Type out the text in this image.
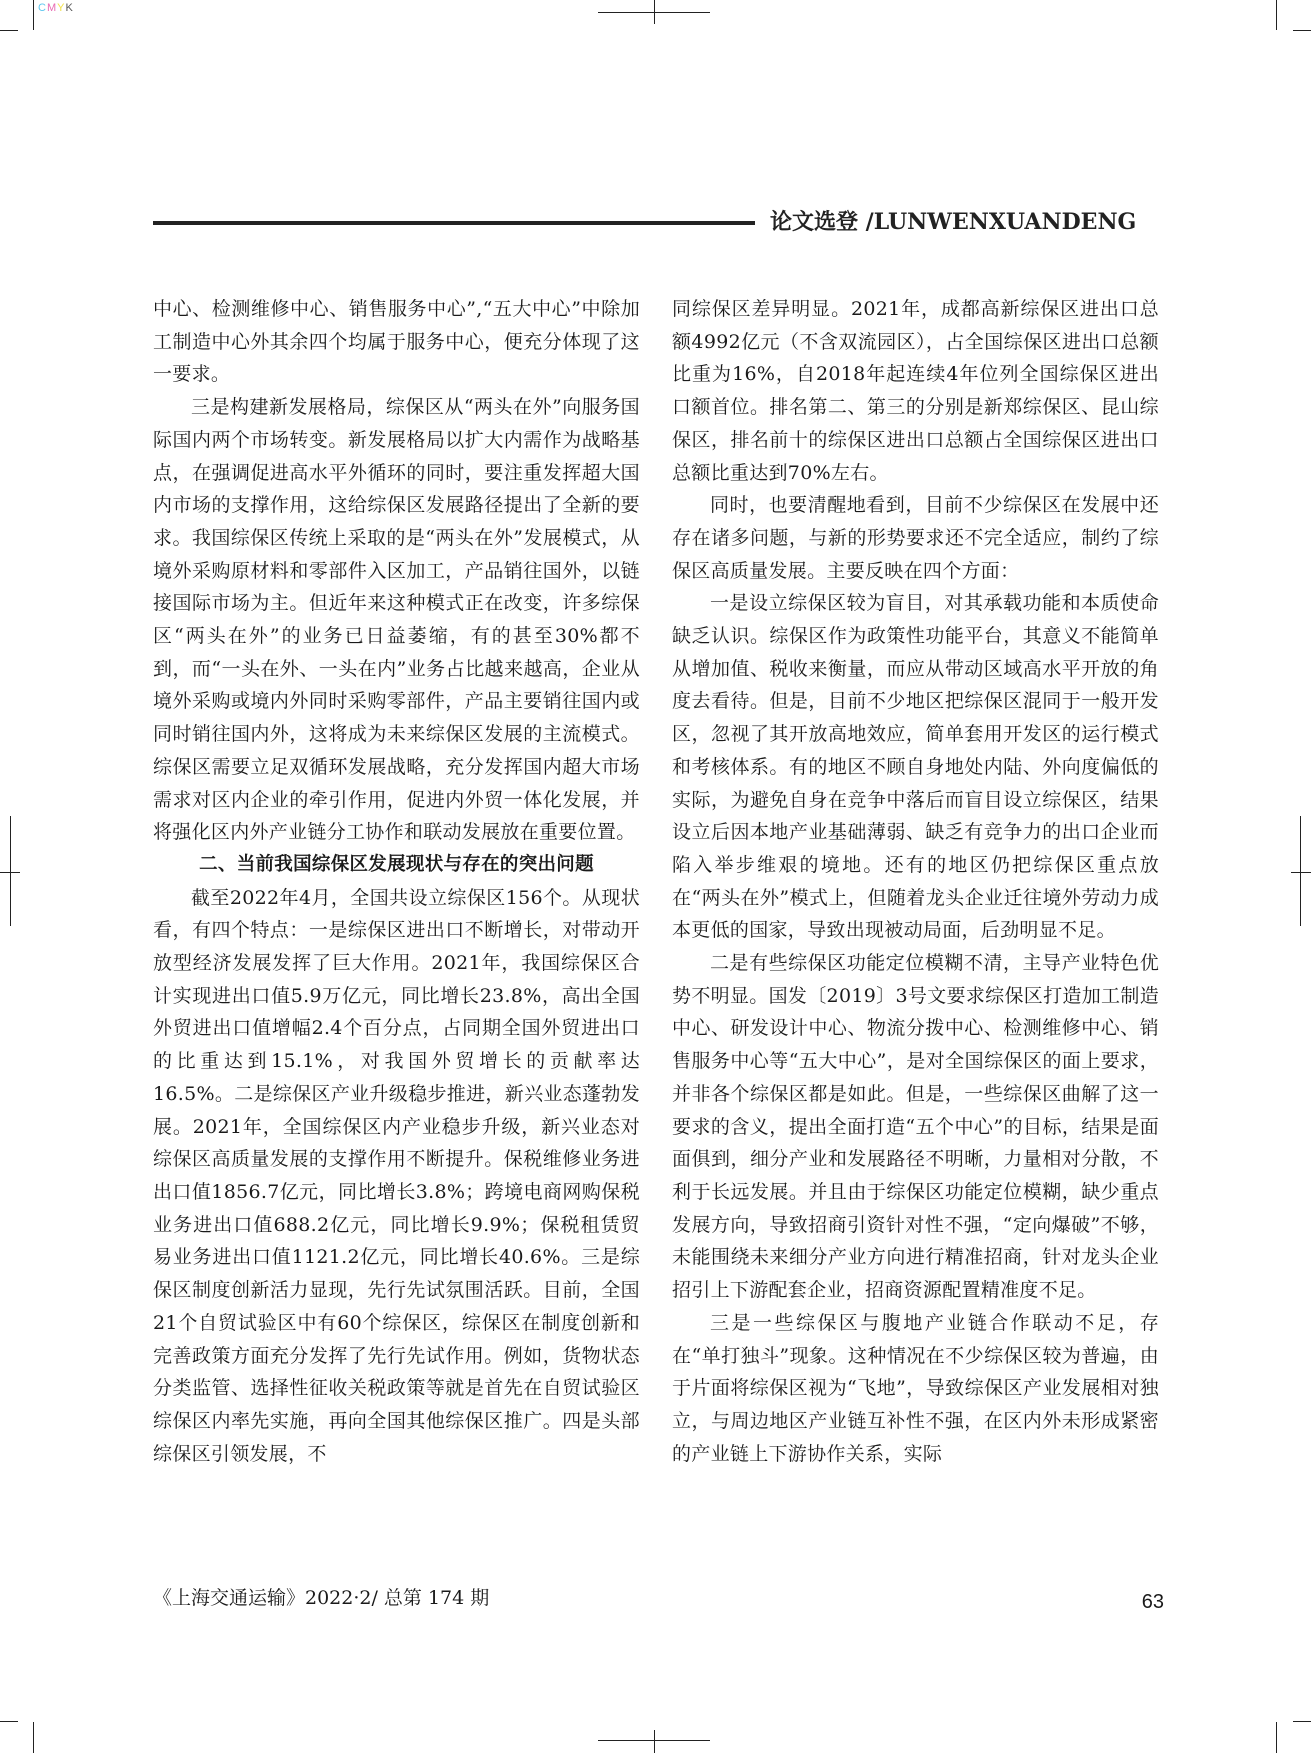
C M Y K
论文选登 /LUNWENXUANDENG

中心、检测维修中心、销售服务中心”,“五大中心”中除加工制造中心外其余四个均属于服务中心，便充分体现了这一要求。

三是构建新发展格局，综保区从“两头在外”向服务国际国内两个市场转变。新发展格局以扩大内需作为战略基点，在强调促进高水平外循环的同时，要注重发挥超大国内市场的支撑作用，这给综保区发展路径提出了全新的要求。我国综保区传统上采取的是“两头在外”发展模式，从境外采购原材料和零部件入区加工，产品销往国外，以链接国际市场为主。但近年来这种模式正在改变，许多综保区“两头在外”的业务已日益萎缩，有的甚至30%都不到，而“一头在外、一头在内”业务占比越来越高，企业从境外采购或境内外同时采购零部件，产品主要销往国内或同时销往国内外，这将成为未来综保区发展的主流模式。综保区需要立足双循环发展战略，充分发挥国内超大市场需求对区内企业的牵引作用，促进内外贸一体化发展，并将强化区内外产业链分工协作和联动发展放在重要位置。

二、当前我国综保区发展现状与存在的突出问题

截至2022年4月，全国共设立综保区156个。从现状看，有四个特点：一是综保区进出口不断增长，对带动开放型经济发展发挥了巨大作用。2021年，我国综保区合计实现进出口值5.9万亿元，同比增长23.8%，高出全国外贸进出口值增幅2.4个百分点，占同期全国外贸进出口的比重达到15.1%，对我国外贸增长的贡献率达16.5%。二是综保区产业升级稳步推进，新兴业态蓬勃发展。2021年，全国综保区内产业稳步升级，新兴业态对综保区高质量发展的支撑作用不断提升。保税维修业务进出口值1856.7亿元，同比增长3.8%；跨境电商网购保税业务进出口值688.2亿元，同比增长9.9%；保税租赁贸易业务进出口值1121.2亿元，同比增长40.6%。三是综保区制度创新活力显现，先行先试氛围活跃。目前，全国21个自贸试验区中有60个综保区，综保区在制度创新和完善政策方面充分发挥了先行先试作用。例如，货物状态分类监管、选择性征收关税政策等就是首先在自贸试验区综保区内率先实施，再向全国其他综保区推广。四是头部综保区引领发展，不

同综保区差异明显。2021年，成都高新综保区进出口总额4992亿元（不含双流园区），占全国综保区进出口总额比重为16%，自2018年起连续4年位列全国综保区进出口额首位。排名第二、第三的分别是新郑综保区、昆山综保区，排名前十的综保区进出口总额占全国综保区进出口总额比重达到70%左右。

同时，也要清醒地看到，目前不少综保区在发展中还存在诸多问题，与新的形势要求还不完全适应，制约了综保区高质量发展。主要反映在四个方面：

一是设立综保区较为盲目，对其承载功能和本质使命缺乏认识。综保区作为政策性功能平台，其意义不能简单从增加值、税收来衡量，而应从带动区域高水平开放的角度去看待。但是，目前不少地区把综保区混同于一般开发区，忽视了其开放高地效应，简单套用开发区的运行模式和考核体系。有的地区不顾自身地处内陆、外向度偏低的实际，为避免自身在竞争中落后而盲目设立综保区，结果设立后因本地产业基础薄弱、缺乏有竞争力的出口企业而陷入举步维艰的境地。还有的地区仍把综保区重点放在“两头在外”模式上，但随着龙头企业迁往境外劳动力成本更低的国家，导致出现被动局面，后劲明显不足。

二是有些综保区功能定位模糊不清，主导产业特色优势不明显。国发〔2019〕3号文要求综保区打造加工制造中心、研发设计中心、物流分拨中心、检测维修中心、销售服务中心等“五大中心”，是对全国综保区的面上要求，并非各个综保区都是如此。但是，一些综保区曲解了这一要求的含义，提出全面打造“五个中心”的目标，结果是面面俱到，细分产业和发展路径不明晰，力量相对分散，不利于长远发展。并且由于综保区功能定位模糊，缺少重点发展方向，导致招商引资针对性不强，“定向爆破”不够，未能围绕未来细分产业方向进行精准招商，针对龙头企业招引上下游配套企业，招商资源配置精准度不足。

三是一些综保区与腹地产业链合作联动不足，存在“单打独斗”现象。这种情况在不少综保区较为普遍，由于片面将综保区视为“飞地”，导致综保区产业发展相对独立，与周边地区产业链互补性不强，在区内外未形成紧密的产业链上下游协作关系，实际

《上海交通运输》2022·2/ 总第 174 期	63
